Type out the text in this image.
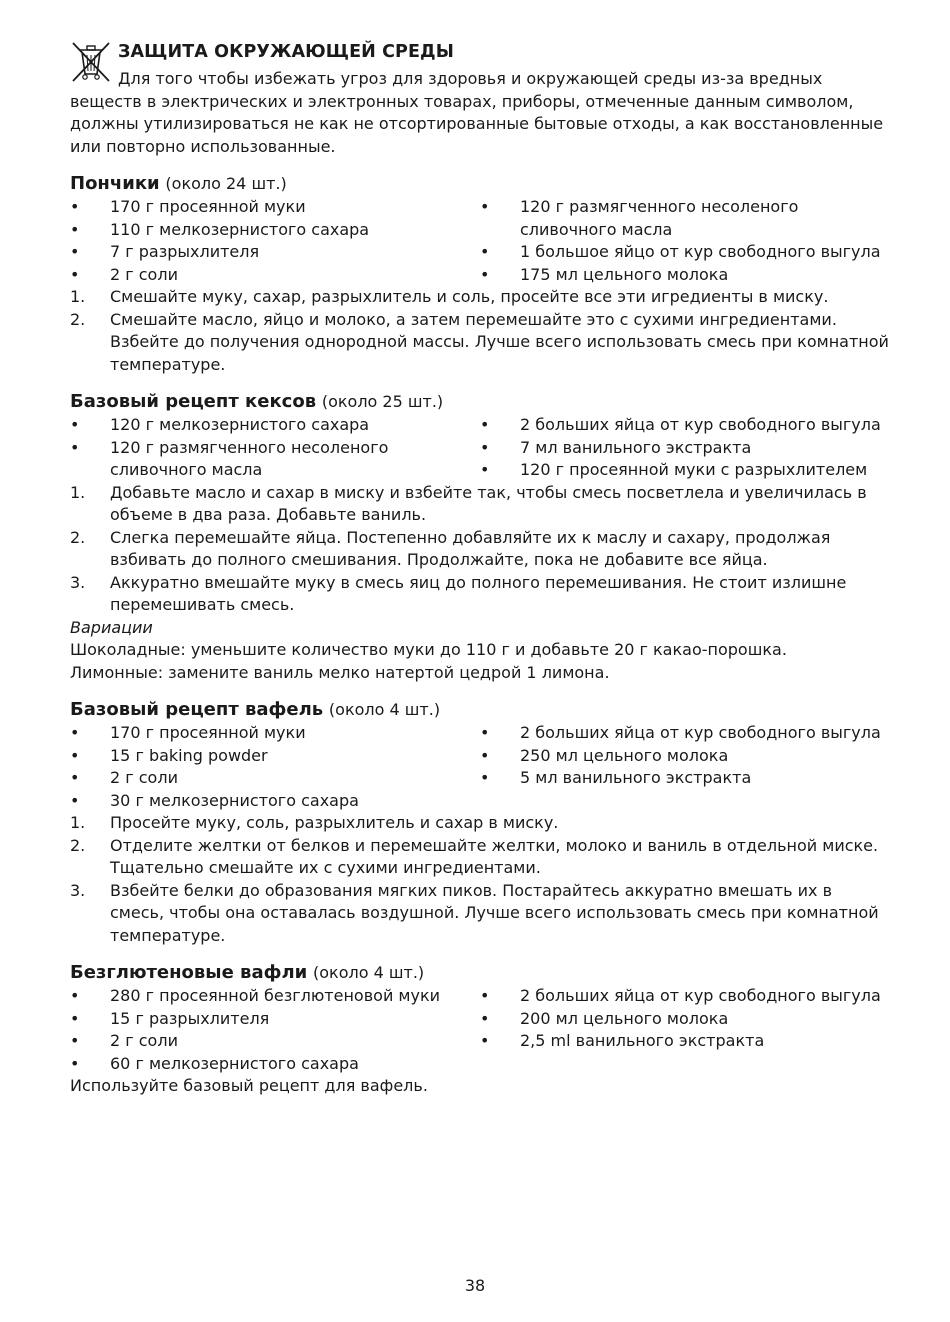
ЗАЩИТА ОКРУЖАЮЩЕЙ СРЕДЫ

Для того чтобы избежать угроз для здоровья и окружающей среды из-за вредных веществ в электрических и электронных товарах, приборы, отмеченные данным символом, должны утилизироваться не как не отсортированные бытовые отходы, а как восстановленные или повторно использованные.

Пончики (около 24 шт.)
• 170 г просеянной муки
• 110 г мелкозернистого сахара
• 7 г разрыхлителя
• 2 г соли
• 120 г размягченного несоленого сливочного масла
• 1 большое яйцо от кур свободного выгула
• 175 мл цельного молока
1. Смешайте муку, сахар, разрыхлитель и соль, просейте все эти игредиенты в миску.
2. Смешайте масло, яйцо и молоко, а затем перемешайте это с сухими ингредиентами. Взбейте до получения однородной массы. Лучше всего использовать смесь при комнатной температуре.
Базовый рецепт кексов (около 25 шт.)
• 120 г мелкозернистого сахара
• 120 г размягченного несоленого сливочного масла
• 2 больших яйца от кур свободного выгула
• 7 мл ванильного экстракта
• 120 г просеянной муки с разрыхлителем
1. Добавьте масло и сахар в миску и взбейте так, чтобы смесь посветлела и увеличилась в объеме в два раза. Добавьте ваниль.
2. Слегка перемешайте яйца. Постепенно добавляйте их к маслу и сахару, продолжая взбивать до полного смешивания. Продолжайте, пока не добавите все яйца.
3. Аккуратно вмешайте муку в смесь яиц до полного перемешивания. Не стоит излишне перемешивать смесь.

Вариации

Шоколадные: уменьшите количество муки до 110 г и добавьте 20 г какао-порошка.

Лимонные: замените ваниль мелко натертой цедрой 1 лимона.

Базовый рецепт вафель (около 4 шт.)
• 170 г просеянной муки
• 15 г baking powder
• 2 г соли
• 30 г мелкозернистого сахара
• 2 больших яйца от кур свободного выгула
• 250 мл цельного молока
• 5 мл ванильного экстракта
1. Просейте муку, соль, разрыхлитель и сахар в миску.
2. Отделите желтки от белков и перемешайте желтки, молоко и ваниль в отдельной миске. Тщательно смешайте их с сухими ингредиентами.
3. Взбейте белки до образования мягких пиков. Постарайтесь аккуратно вмешать их в смесь, чтобы она оставалась воздушной. Лучше всего использовать смесь при комнатной температуре.
Безглютеновые вафли (около 4 шт.)
• 280 г просеянной безглютеновой муки
• 15 г разрыхлителя
• 2 г соли
• 60 г мелкозернистого сахара
• 2 больших яйца от кур свободного выгула
• 200 мл цельного молока
• 2,5 ml ванильного экстракта

Используйте базовый рецепт для вафель.

38
